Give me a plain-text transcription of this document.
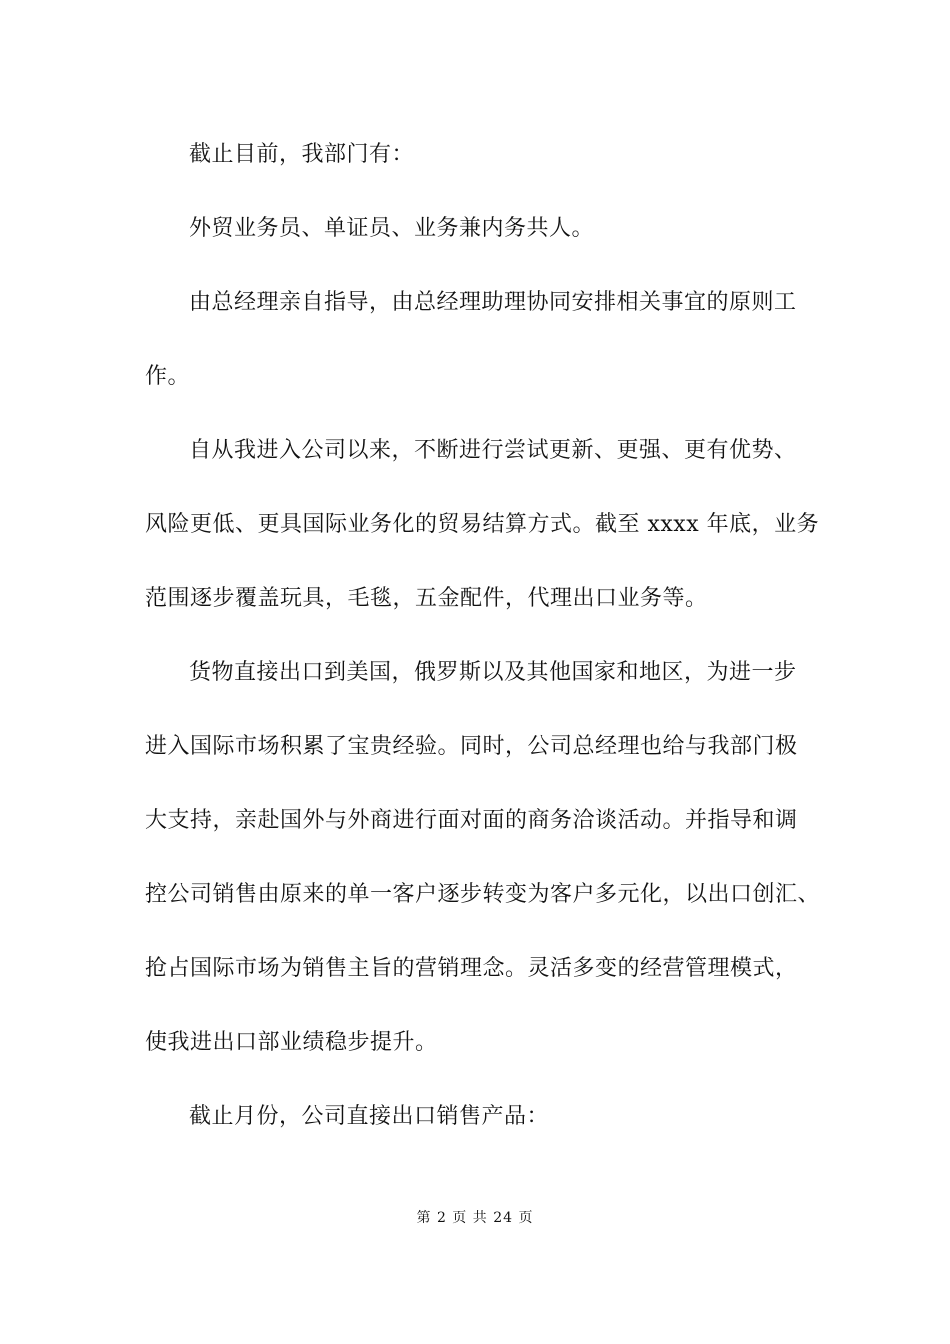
截止目前，我部门有：
外贸业务员、单证员、业务兼内务共人。
由总经理亲自指导，由总经理助理协同安排相关事宜的原则工
作。
自从我进入公司以来，不断进行尝试更新、更强、更有优势、
风险更低、更具国际业务化的贸易结算方式。截至 xxxx 年底，业务
范围逐步覆盖玩具，毛毯，五金配件，代理出口业务等。
货物直接出口到美国，俄罗斯以及其他国家和地区，为进一步
进入国际市场积累了宝贵经验。同时，公司总经理也给与我部门极
大支持，亲赴国外与外商进行面对面的商务洽谈活动。并指导和调
控公司销售由原来的单一客户逐步转变为客户多元化，以出口创汇、
抢占国际市场为销售主旨的营销理念。灵活多变的经营管理模式，
使我进出口部业绩稳步提升。
截止月份，公司直接出口销售产品：
第 2 页 共 24 页
